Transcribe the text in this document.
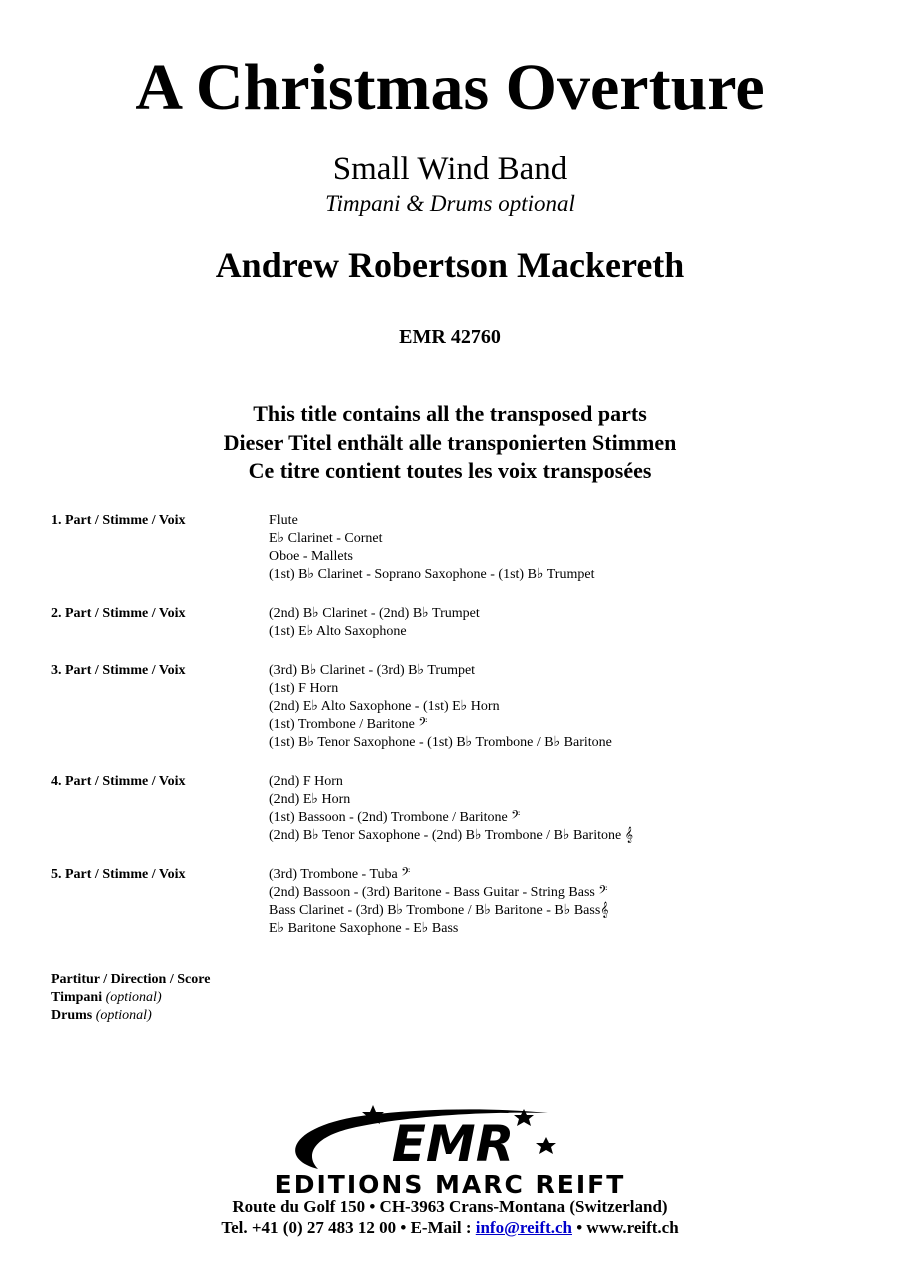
A Christmas Overture
Small Wind Band
Timpani & Drums optional
Andrew Robertson Mackereth
EMR 42760
This title contains all the transposed parts
Dieser Titel enthält alle transponierten Stimmen
Ce titre contient toutes les voix transposées
1. Part / Stimme / Voix	Flute
E♭ Clarinet - Cornet
Oboe - Mallets
(1st) B♭ Clarinet - Soprano Saxophone - (1st) B♭ Trumpet
2. Part / Stimme / Voix	(2nd) B♭ Clarinet - (2nd) B♭ Trumpet
(1st) E♭ Alto Saxophone
3. Part / Stimme / Voix	(3rd) B♭ Clarinet - (3rd) B♭ Trumpet
(1st) F Horn
(2nd) E♭ Alto Saxophone - (1st) E♭ Horn
(1st) Trombone / Baritone 𝄢
(1st) B♭ Tenor Saxophone - (1st) B♭ Trombone / B♭ Baritone
4. Part / Stimme / Voix	(2nd) F Horn
(2nd) E♭ Horn
(1st) Bassoon - (2nd) Trombone / Baritone 𝄢
(2nd) B♭ Tenor Saxophone - (2nd) B♭ Trombone / B♭ Baritone 𝄞
5. Part / Stimme / Voix	(3rd) Trombone - Tuba 𝄢
(2nd) Bassoon - (3rd) Baritone - Bass Guitar - String Bass 𝄢
Bass Clarinet - (3rd) B♭ Trombone / B♭ Baritone - B♭ Bass𝄞
E♭ Baritone Saxophone - E♭ Bass
Partitur / Direction / Score
Timpani (optional)
Drums (optional)
EMR
EDITIONS MARC REIFT
Route du Golf 150 • CH-3963 Crans-Montana (Switzerland)
Tel. +41 (0) 27 483 12 00 • E-Mail : info@reift.ch • www.reift.ch
